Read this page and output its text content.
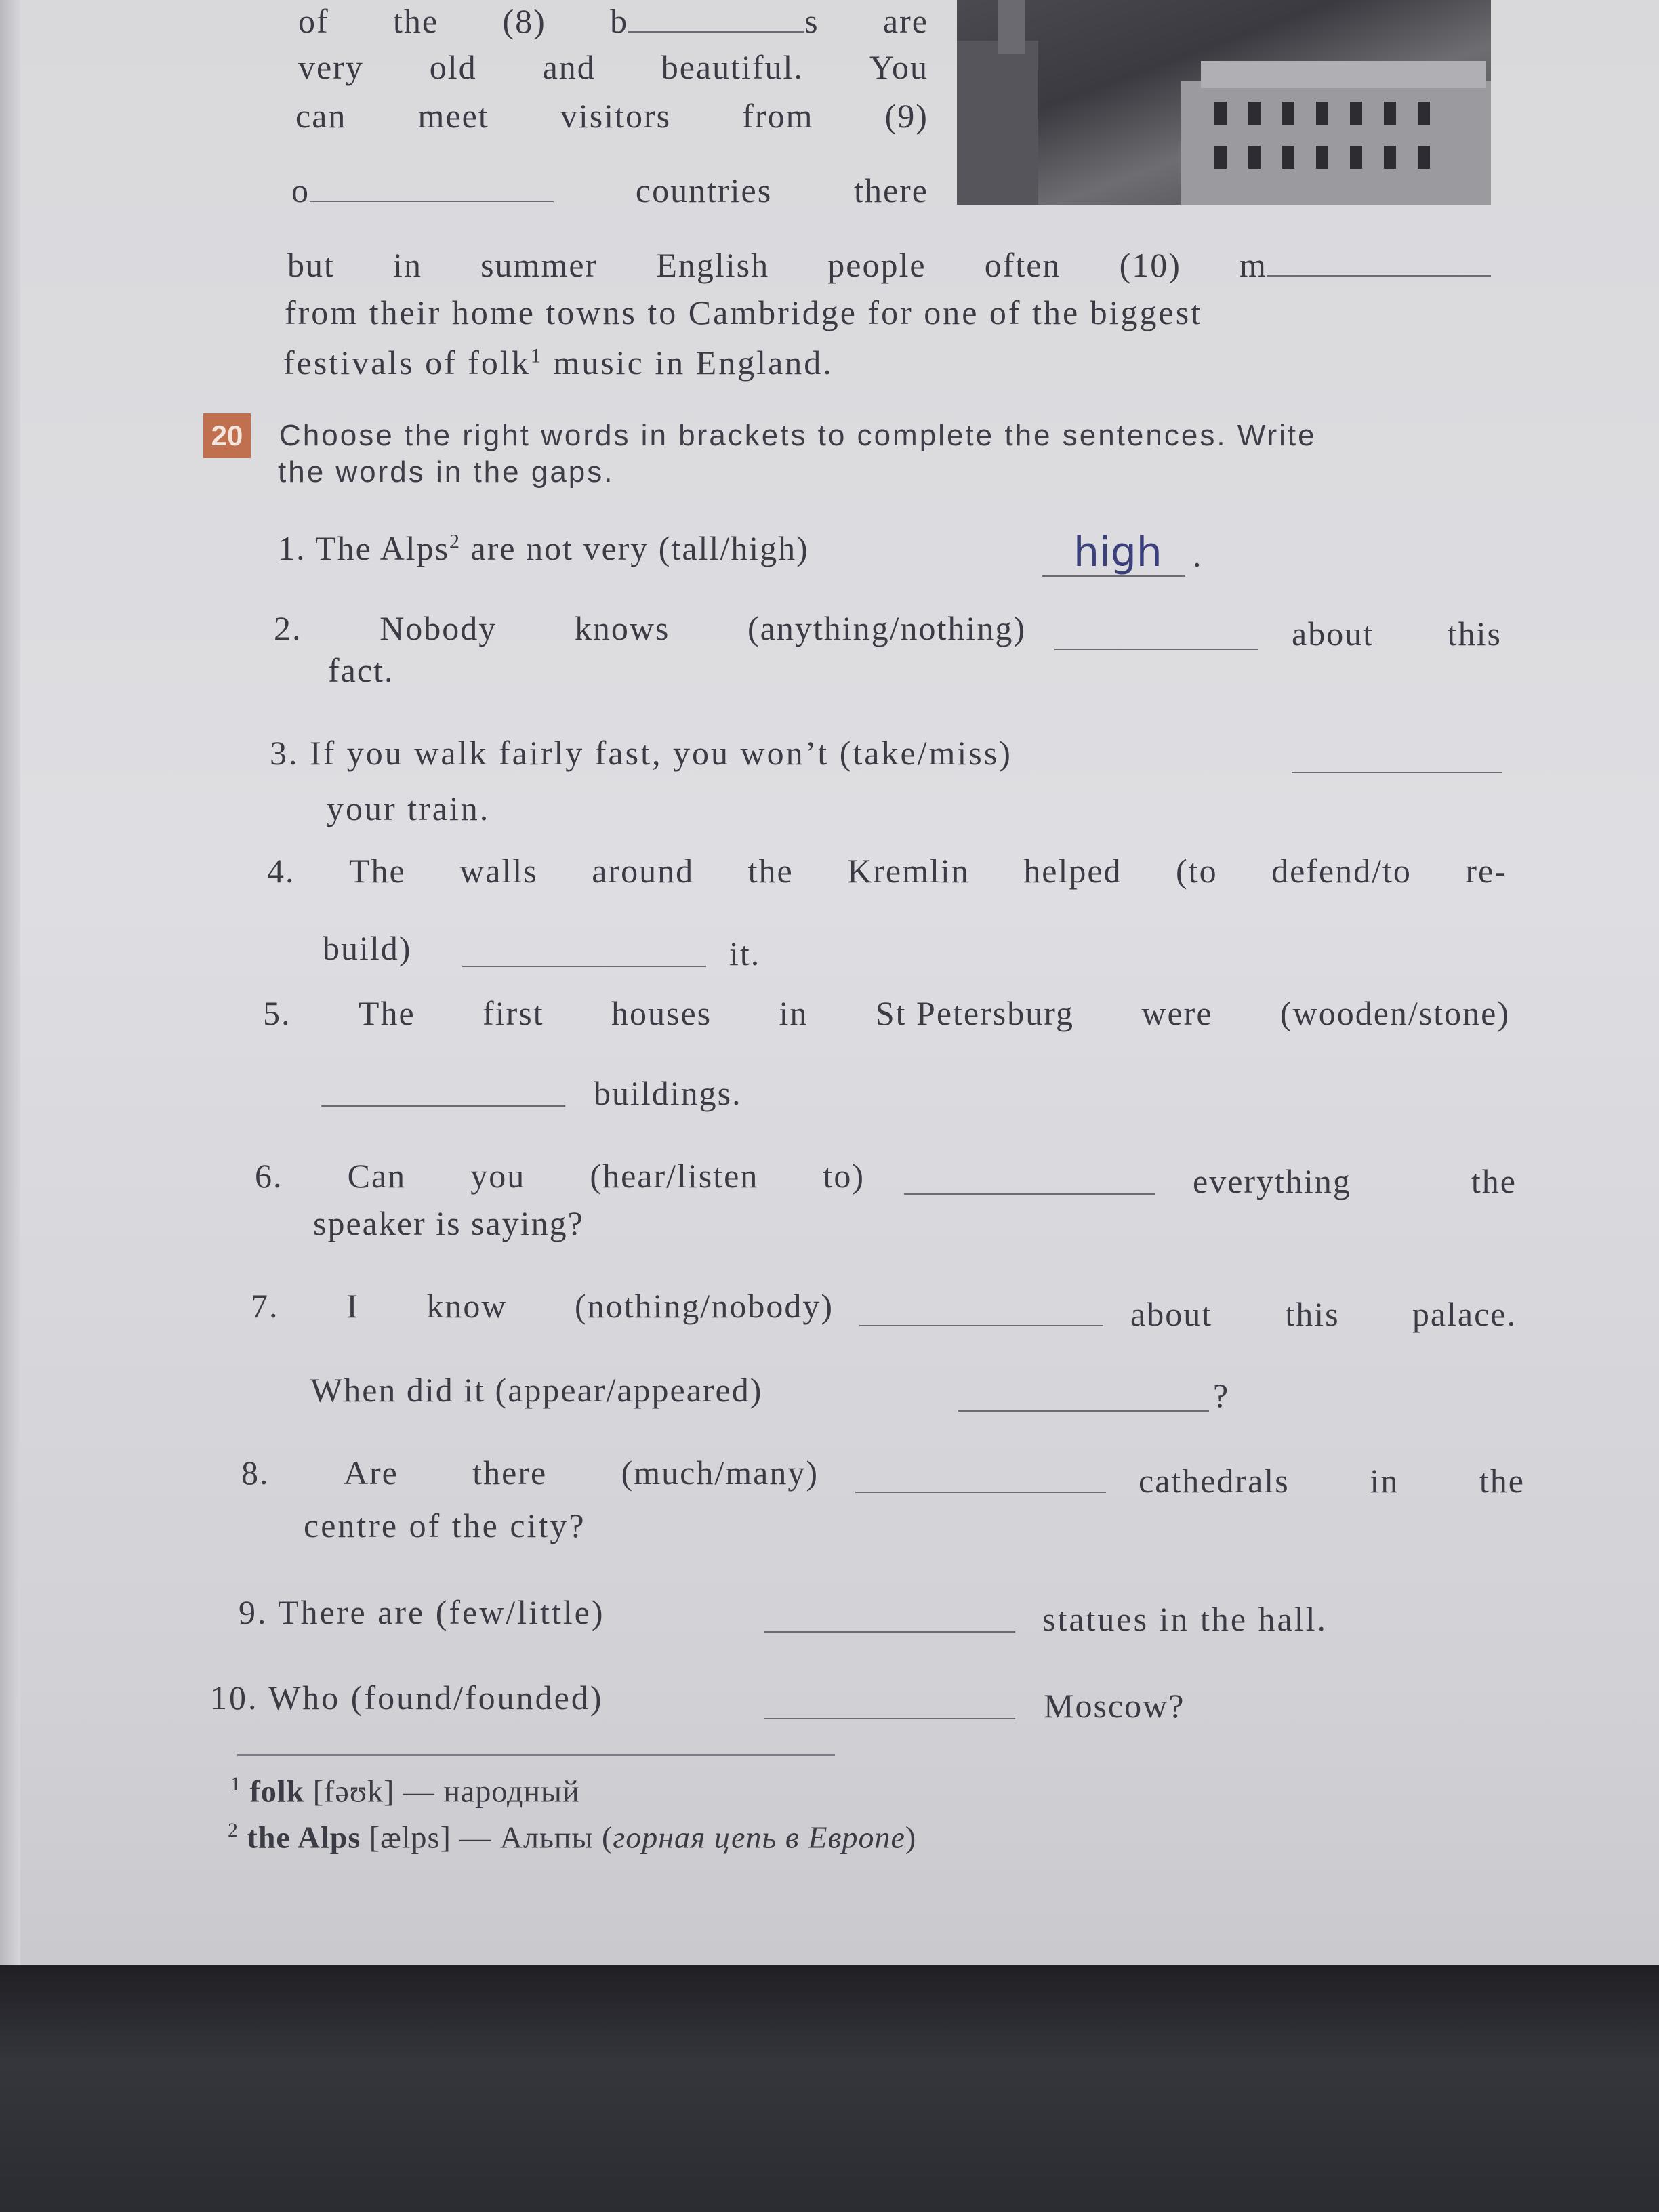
of the (8) b	s are
very old and beautiful. You
can meet visitors from (9)
o	countries there
but in summer English people often (10) m
from their home towns to Cambridge for one of the biggest
festivals of folk$^1$ music in England.
20 Choose the right words in brackets to complete the sentences. Write
the words in the gaps.
1. The Alps$^2$ are not very (tall/high)	high .
2. Nobody knows (anything/nothing)	about this
fact.
3. If you walk fairly fast, you won’t (take/miss)
your train.
4. The walls around the Kremlin helped (to defend/to re-
build)	it.
5. The first houses in St Petersburg were (wooden/stone)
buildings.
6. Can you (hear/listen to)	everything	the
speaker is saying?
7. I know (nothing/nobody)	about this palace.
When did it (appear/appeared)	?
8. Are there (much/many)	cathedrals in the
centre of the city?
9. There are (few/little)	statues in the hall.
10. Who (found/founded)	Moscow?
$^1$ folk [fəʊk] — народный
$^2$ the Alps [ælps] — Альпы (горная цепь в Европе)
